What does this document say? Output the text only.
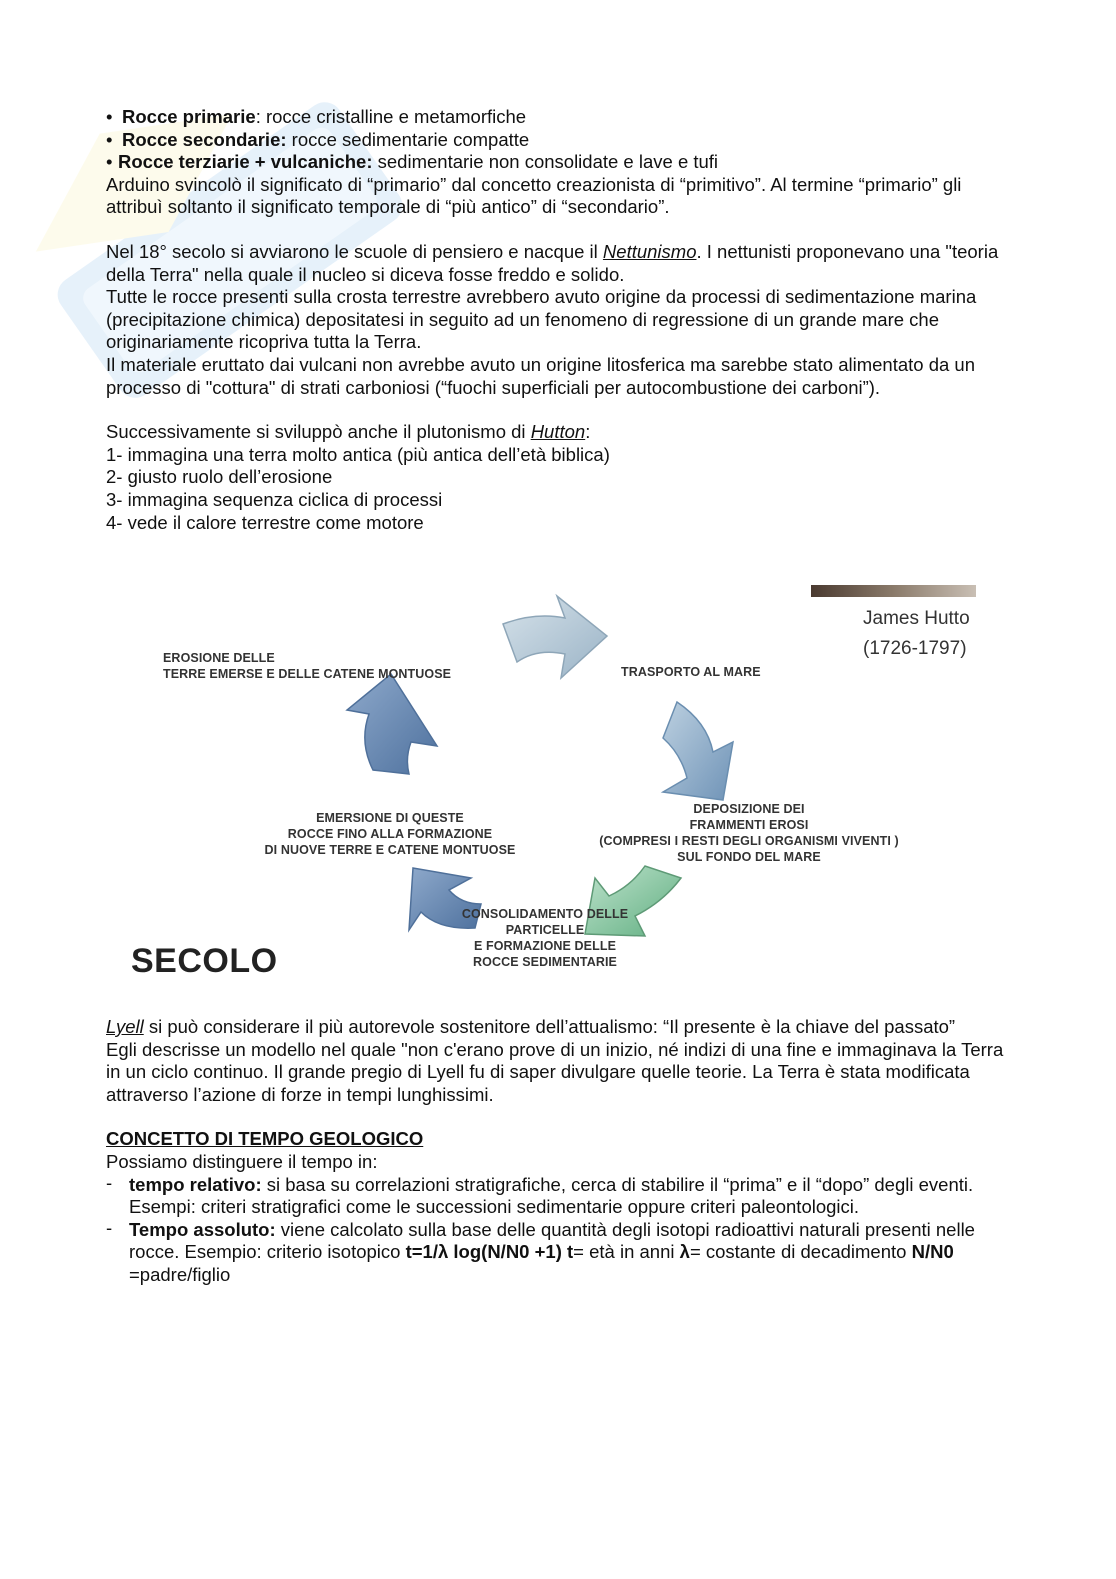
• Rocce primarie: rocce cristalline e metamorfiche

• Rocce secondarie: rocce sedimentarie compatte

• Rocce terziarie + vulcaniche: sedimentarie non consolidate e lave e tufi

Arduino svincolò il significato di “primario” dal concetto creazionista di “primitivo”. Al termine “primario” gli attribuì soltanto il significato temporale di “più antico” di “secondario”.

Nel 18° secolo si avviarono le scuole di pensiero e nacque il Nettunismo. I nettunisti proponevano una "teoria della Terra" nella quale il nucleo si diceva fosse freddo e solido.

Tutte le rocce presenti sulla crosta terrestre avrebbero avuto origine da processi di sedimentazione marina (precipitazione chimica) depositatesi in seguito ad un fenomeno di regressione di un grande mare che originariamente ricopriva tutta la Terra.

Il materiale eruttato dai vulcani non avrebbe avuto un origine litosferica ma sarebbe stato alimentato da un processo di "cottura" di strati carboniosi (“fuochi superficiali per autocombustione dei carboni”).

Successivamente si sviluppò anche il plutonismo di Hutton:

1- immagina una terra molto antica (più antica dell’età biblica)

2- giusto ruolo dell’erosione

3- immagina sequenza ciclica di processi

4- vede il calore terrestre come motore

James Hutto
(1726-1797)
EROSIONE DELLE
TERRE EMERSE E DELLE CATENE MONTUOSE	TRASPORTO AL MARE
DEPOSIZIONE DEI
FRAMMENTI EROSI
(COMPRESI I RESTI DEGLI ORGANISMI VIVENTI )
SUL FONDO DEL MARE
CONSOLIDAMENTO DELLE
PARTICELLE
E FORMAZIONE DELLE
ROCCE SEDIMENTARIE
EMERSIONE DI QUESTE
ROCCE FINO ALLA FORMAZIONE
DI NUOVE TERRE E CATENE MONTUOSE
SECOLO

Lyell si può considerare il più autorevole sostenitore dell’attualismo: “Il presente è la chiave del passato”

Egli descrisse un modello nel quale "non c'erano prove di un inizio, né indizi di una fine e immaginava la Terra in un ciclo continuo. Il grande pregio di Lyell fu di saper divulgare quelle teorie. La Terra è stata modificata attraverso l’azione di forze in tempi lunghissimi.

CONCETTO DI TEMPO GEOLOGICO

Possiamo distinguere il tempo in:

- tempo relativo: si basa su correlazioni stratigrafiche, cerca di stabilire il “prima” e il “dopo” degli eventi. Esempi: criteri stratigrafici come le successioni sedimentarie oppure criteri paleontologici.
- Tempo assoluto: viene calcolato sulla base delle quantità degli isotopi radioattivi naturali presenti nelle rocce. Esempio: criterio isotopico t=1/λ log(N/N0 +1) t= età in anni λ= costante di decadimento N/N0 =padre/figlio
